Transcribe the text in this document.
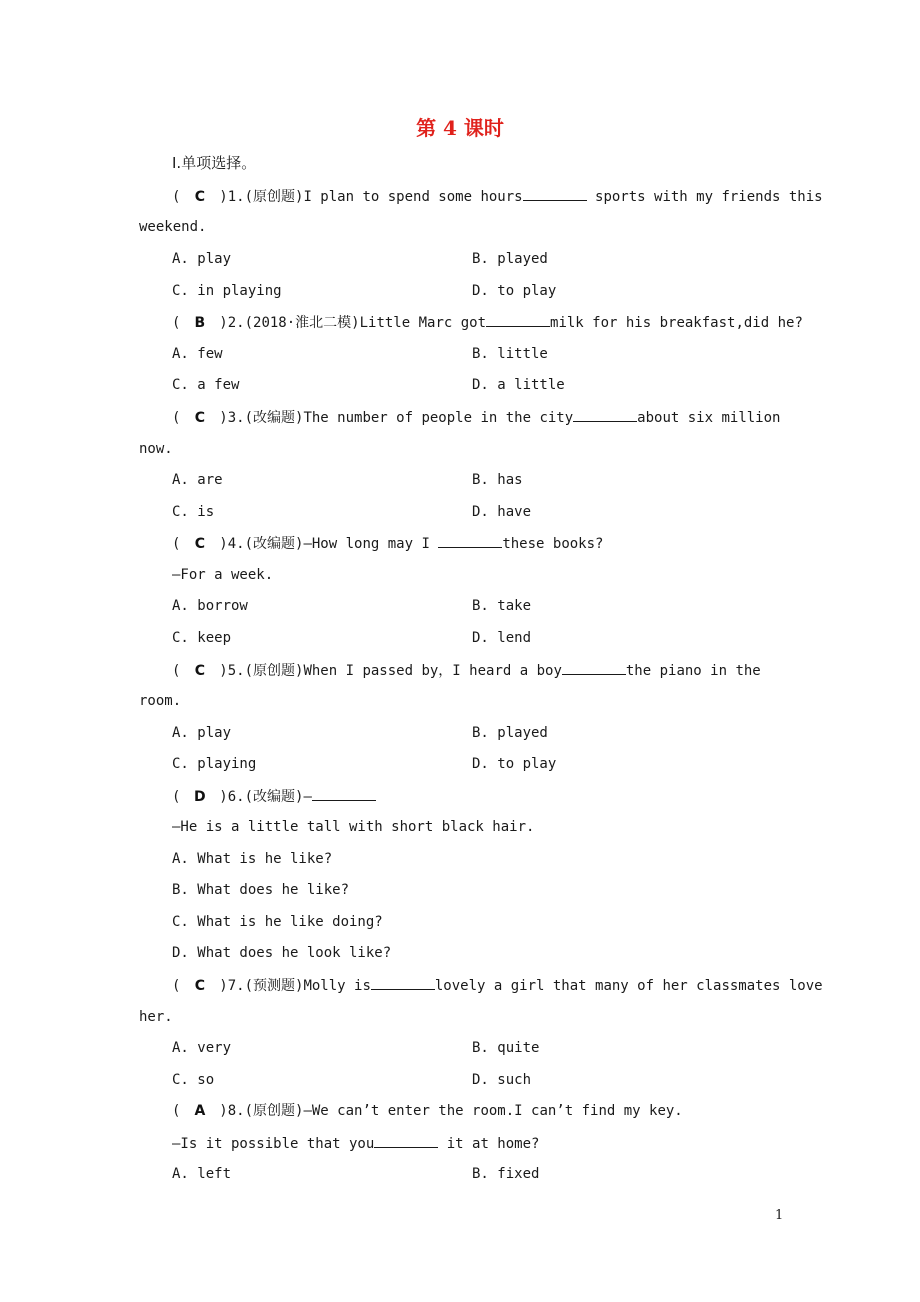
第 4 课时
Ⅰ.单项选择。
( C )1.(原创题)I plan to spend some hours	sports with my friends this
weekend.
A. play	B. played
C. in playing	D. to play
( B )2.(2018·淮北二模)Little Marc got	milk for his breakfast,did he?
A. few	B. little
C. a few	D. a little
( C )3.(改编题)The number of people in the city	about six million
now.
A. are	B. has
C. is	D. have
( C )4.(改编题)—How long may I	these books?
—For a week.
A. borrow	B. take
C. keep	D. lend
( C )5.(原创题)When I passed by，I heard a boy	the piano in the
room.
A. play	B. played
C. playing	D. to play
( D )6.(改编题)—
—He is a little tall with short black hair.
A. What is he like?
B. What does he like?
C. What is he like doing?
D. What does he look like?
( C )7.(预测题)Molly is	lovely a girl that many of her classmates love
her.
A. very	B. quite
C. so	D. such
( A )8.(原创题)—We can’t enter the room.I can’t find my key.
—Is it possible that you	it at home?
A. left	B. fixed
1
